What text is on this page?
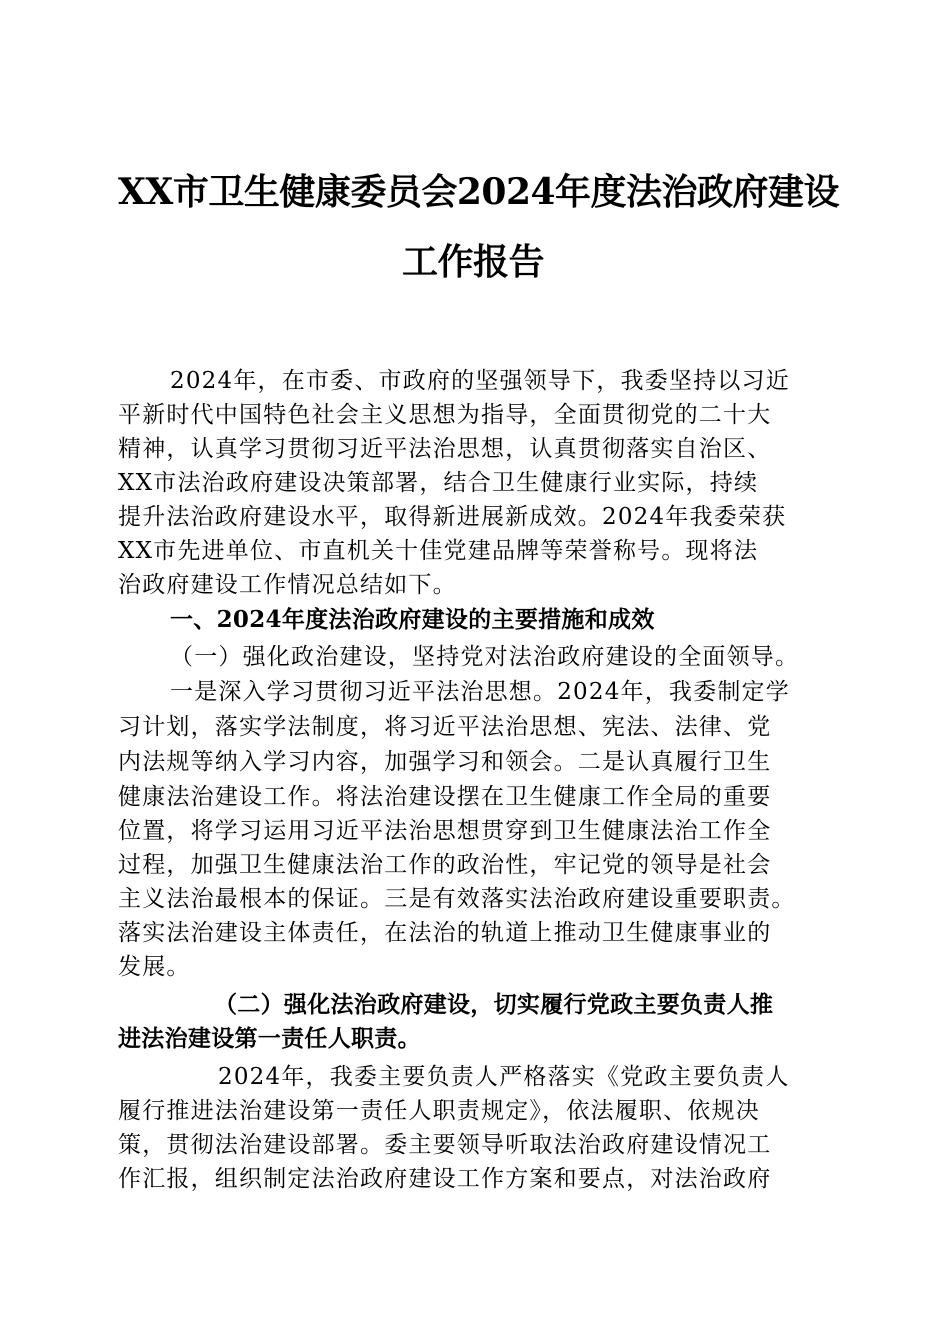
XX市卫生健康委员会2024年度法治政府建设
工作报告
2024年，在市委、市政府的坚强领导下，我委坚持以习近
平新时代中国特色社会主义思想为指导，全面贯彻党的二十大
精神，认真学习贯彻习近平法治思想，认真贯彻落实自治区、
XX市法治政府建设决策部署，结合卫生健康行业实际，持续
提升法治政府建设水平，取得新进展新成效。2024年我委荣获
XX市先进单位、市直机关十佳党建品牌等荣誉称号。现将法
治政府建设工作情况总结如下。
一、2024年度法治政府建设的主要措施和成效
（一）强化政治建设，坚持党对法治政府建设的全面领导。
一是深入学习贯彻习近平法治思想。2024年，我委制定学
习计划，落实学法制度，将习近平法治思想、宪法、法律、党
内法规等纳入学习内容，加强学习和领会。二是认真履行卫生
健康法治建设工作。将法治建设摆在卫生健康工作全局的重要
位置，将学习运用习近平法治思想贯穿到卫生健康法治工作全
过程，加强卫生健康法治工作的政治性，牢记党的领导是社会
主义法治最根本的保证。三是有效落实法治政府建设重要职责。
落实法治建设主体责任，在法治的轨道上推动卫生健康事业的
发展。
（二）强化法治政府建设，切实履行党政主要负责人推
进法治建设第一责任人职责。
2024年，我委主要负责人严格落实《党政主要负责人
履行推进法治建设第一责任人职责规定》，依法履职、依规决
策，贯彻法治建设部署。委主要领导听取法治政府建设情况工
作汇报，组织制定法治政府建设工作方案和要点，对法治政府
